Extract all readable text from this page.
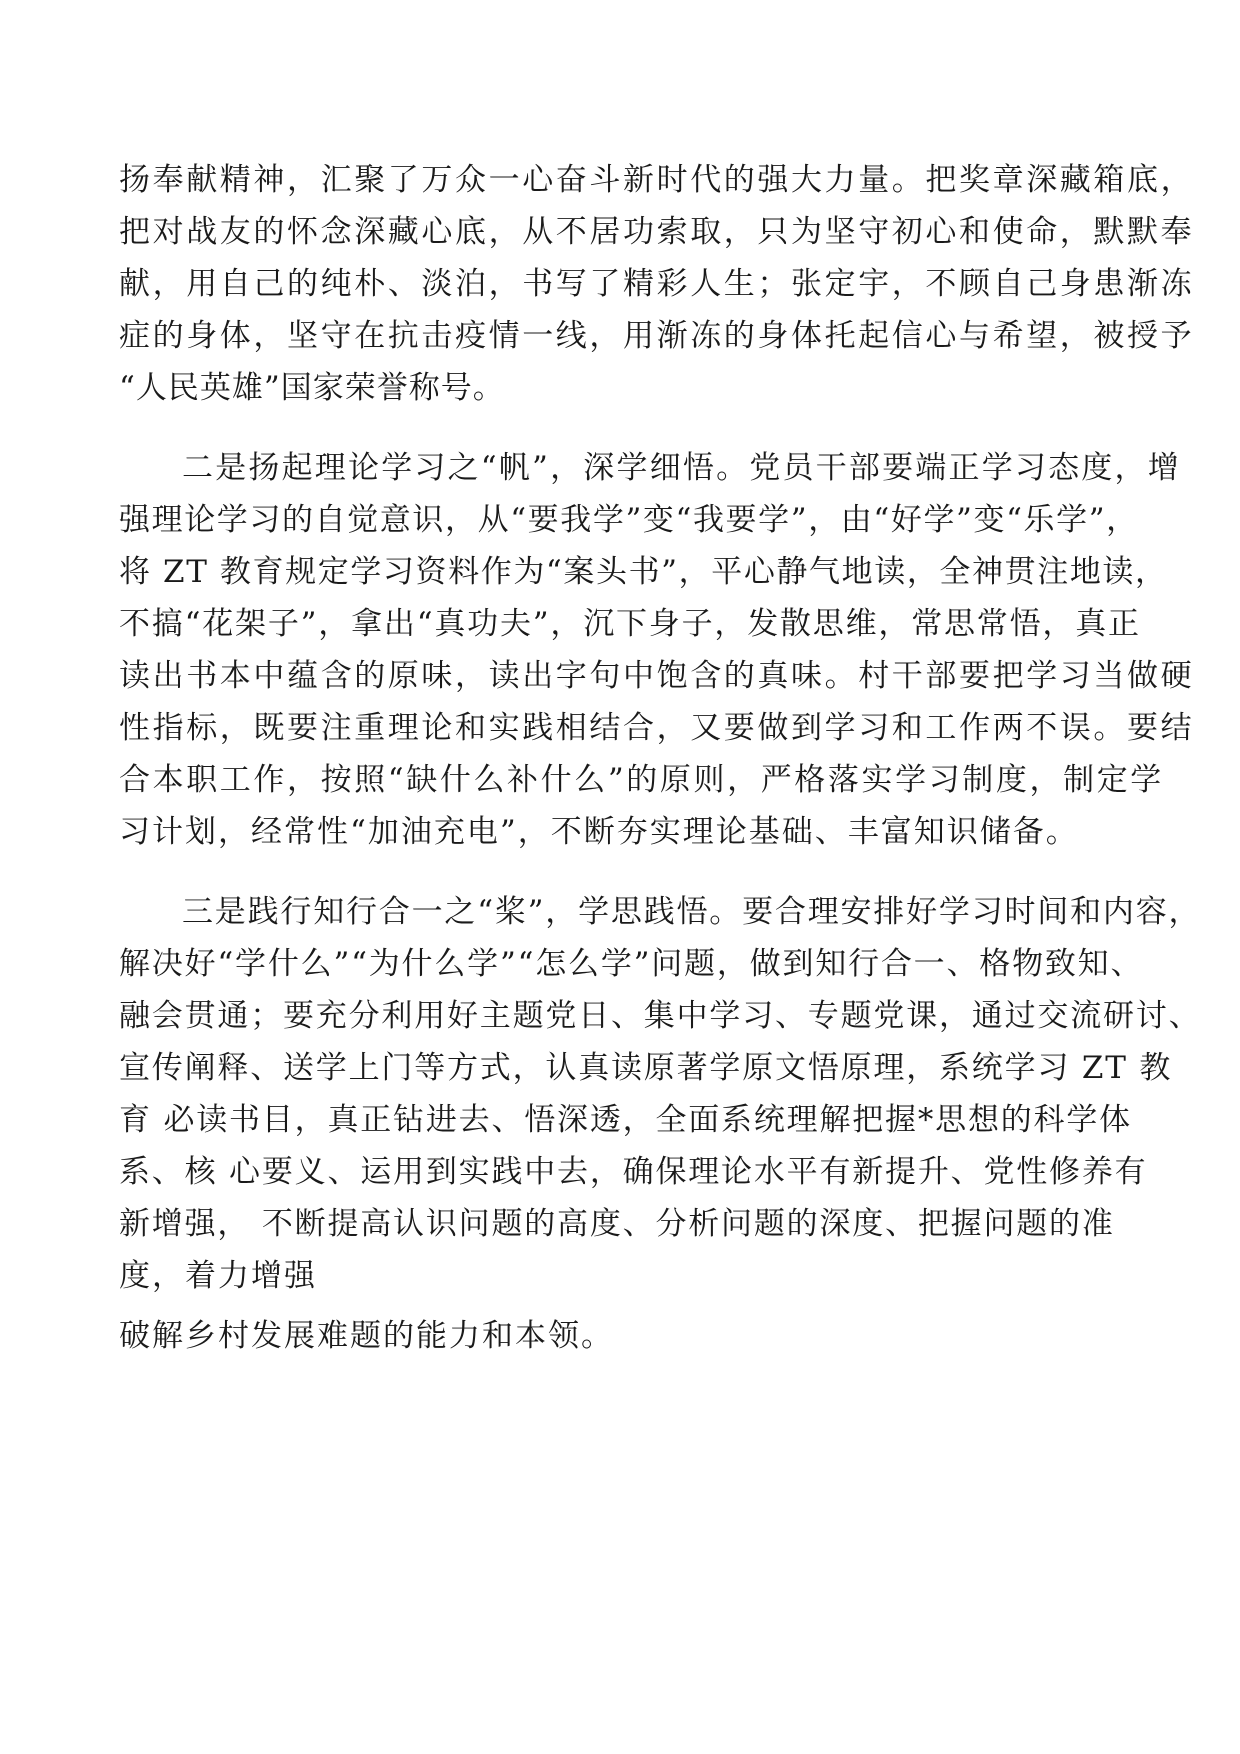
扬奉献精神，汇聚了万众一心奋斗新时代的强大力量。把奖章深藏箱底，
把对战友的怀念深藏心底，从不居功索取，只为坚守初心和使命，默默奉
献，用自己的纯朴、淡泊，书写了精彩人生；张定宇，不顾自己身患渐冻
症的身体，坚守在抗击疫情一线，用渐冻的身体托起信心与希望，被授予
“人民英雄”国家荣誉称号。
二是扬起理论学习之“帆”，深学细悟。党员干部要端正学习态度，增
强理论学习的自觉意识，从“要我学”变“我要学”，由“好学”变“乐学”，
将 ZT 教育规定学习资料作为“案头书”，平心静气地读，全神贯注地读，
不搞“花架子”，拿出“真功夫”，沉下身子，发散思维，常思常悟，真正
读出书本中蕴含的原味，读出字句中饱含的真味。村干部要把学习当做硬
性指标，既要注重理论和实践相结合，又要做到学习和工作两不误。要结
合本职工作，按照“缺什么补什么”的原则，严格落实学习制度，制定学
习计划，经常性“加油充电”，不断夯实理论基础、丰富知识储备。
三是践行知行合一之“桨”，学思践悟。要合理安排好学习时间和内容，
解决好“学什么”“为什么学”“怎么学”问题，做到知行合一、格物致知、
融会贯通；要充分利用好主题党日、集中学习、专题党课，通过交流研讨、
宣传阐释、送学上门等方式，认真读原著学原文悟原理，系统学习 ZT 教
育 必读书目，真正钻进去、悟深透，全面系统理解把握*思想的科学体
系、核 心要义、运用到实践中去，确保理论水平有新提升、党性修养有
新增强， 不断提高认识问题的高度、分析问题的深度、把握问题的准
度，着力增强
破解乡村发展难题的能力和本领。
